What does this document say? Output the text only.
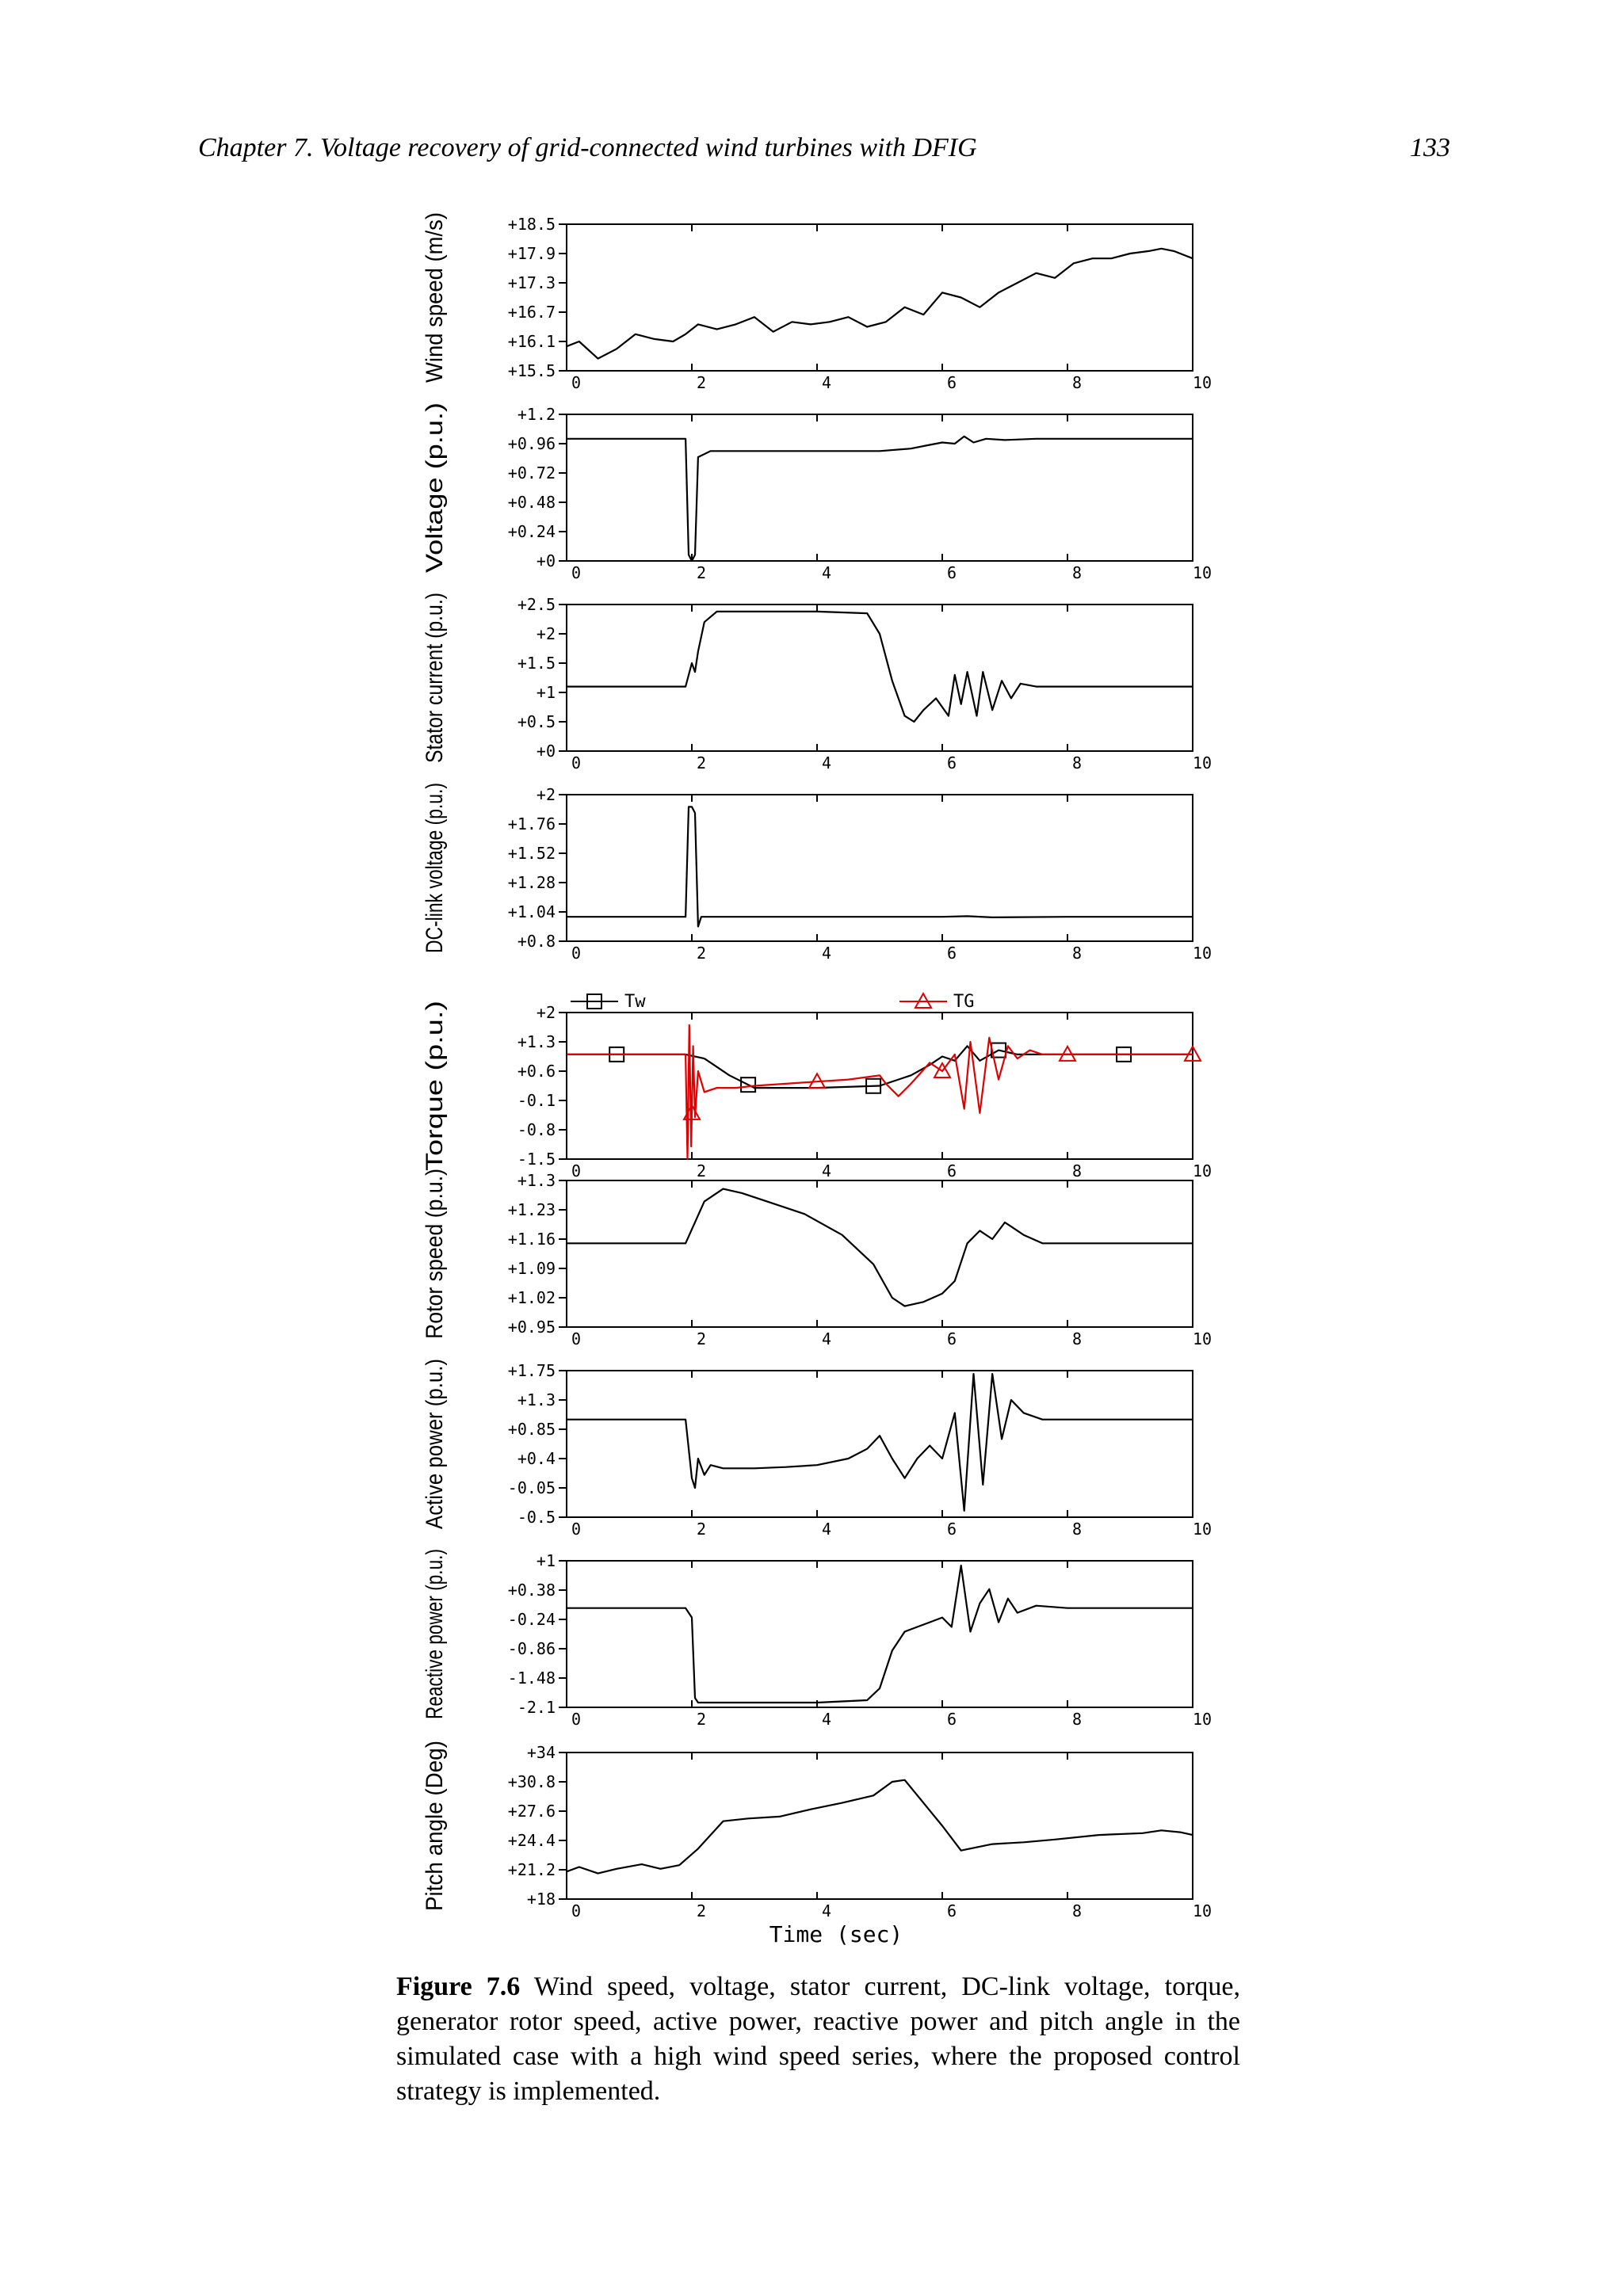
Chapter 7. Voltage recovery of grid-connected wind turbines with DFIG	133
+15.5
+16.1
+16.7
+17.3
+17.9
+18.5
0	2	4	6	8	10
Wind speed (m/s)
+0
+0.24
+0.48
+0.72
+0.96
+1.2
0	2	4	6	8	10
Voltage (p.u.)
+0
+0.5
+1
+1.5
+2
+2.5
0	2	4	6	8	10
Stator current (p.u.)
+0.8
+1.04
+1.28
+1.52
+1.76
+2
0	2	4	6	8	10
DC-link voltage (p.u.)
-1.5
-0.8
-0.1
+0.6
+1.3
+2
0	2	4	6	8	10
Torque (p.u.)
Tw	TG
+0.95
+1.02
+1.09
+1.16
+1.23
+1.3
0	2	4	6	8	10
Rotor speed (p.u.)
-0.5
-0.05
+0.4
+0.85
+1.3
+1.75
0	2	4	6	8	10
Active power (p.u.)
-2.1
-1.48
-0.86
-0.24
+0.38
+1
0	2	4	6	8	10
Reactive power (p.u.)
+18
+21.2
+24.4
+27.6
+30.8
+34
0	2	4	6	8	10
Pitch angle (Deg)
Time (sec)
Figure 7.6 Wind speed, voltage, stator current, DC-link voltage, torque, generator rotor speed, active power, reactive power and pitch angle in the simulated case with a high wind speed series, where the proposed control strategy is implemented.
